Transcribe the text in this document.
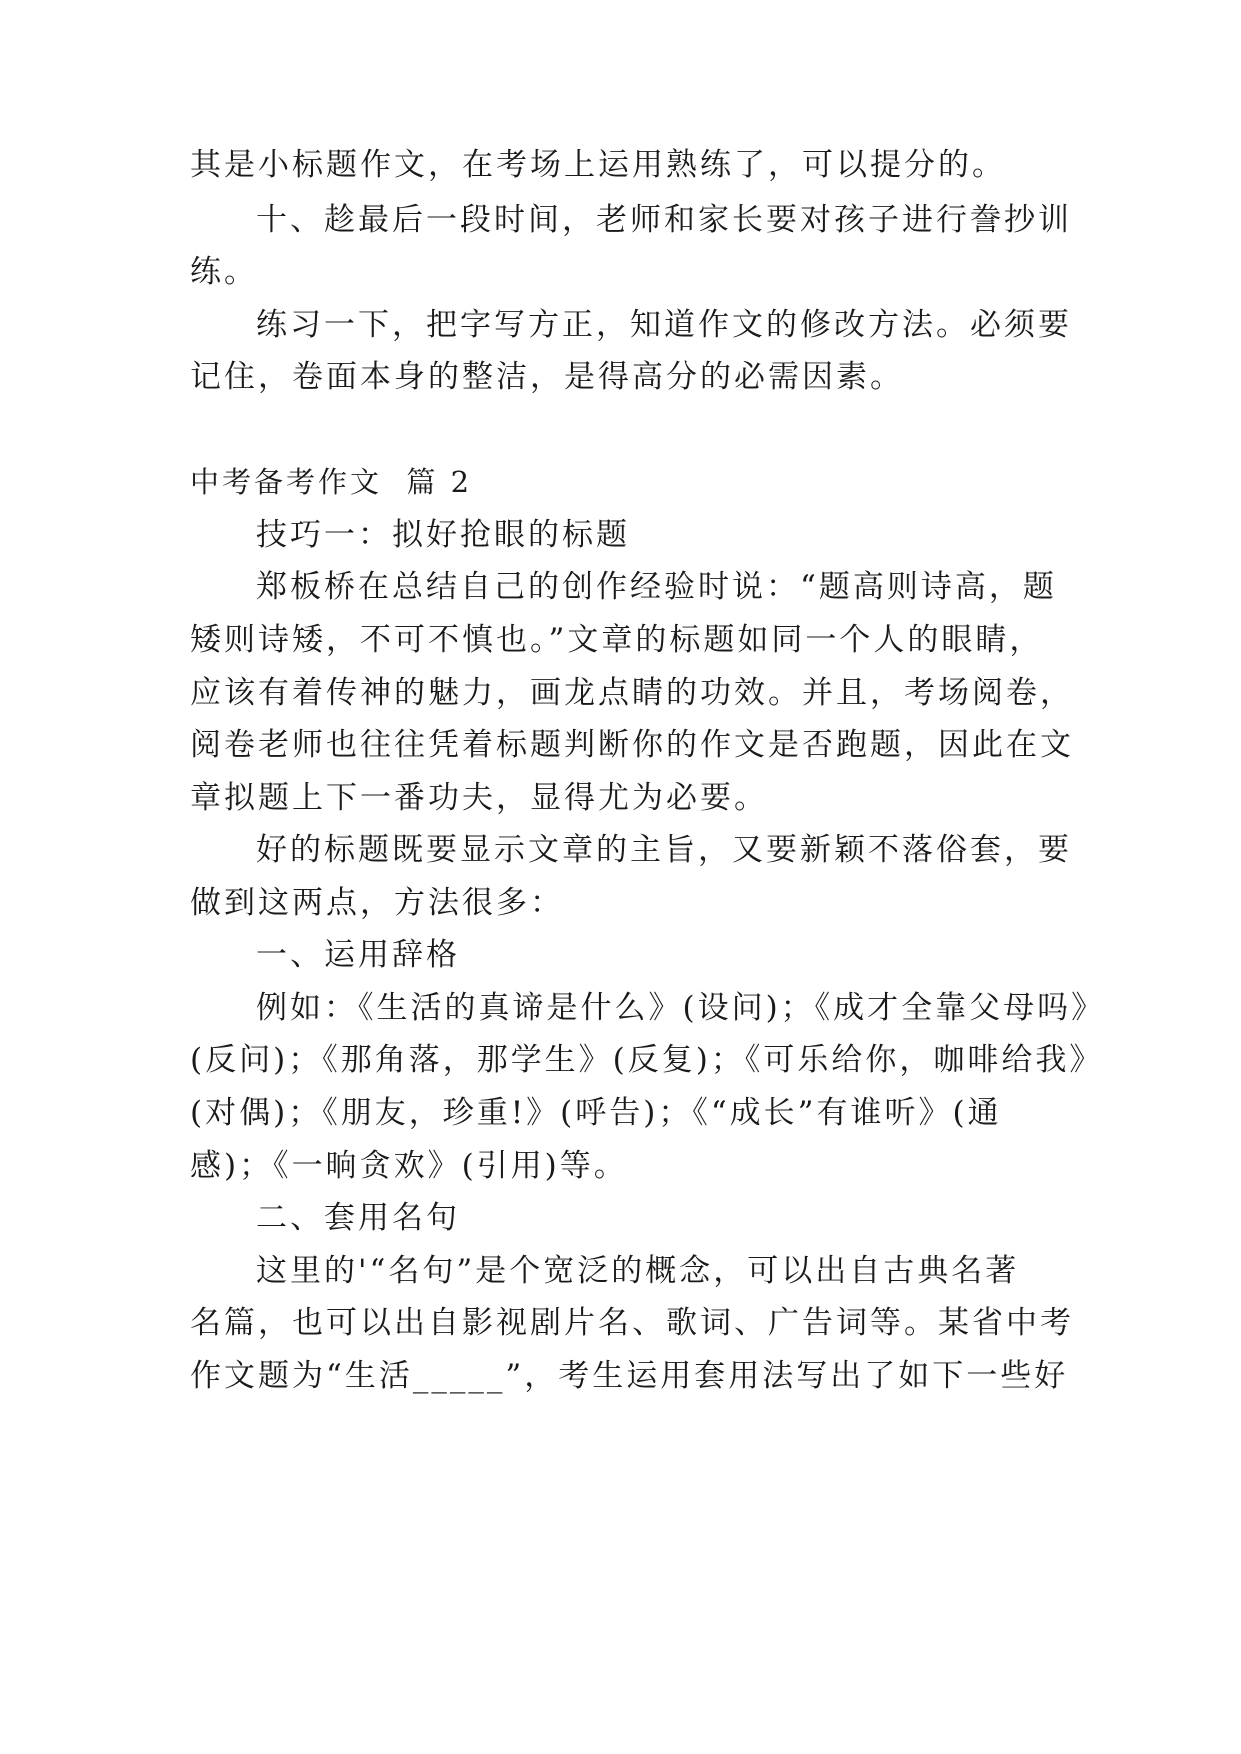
其是小标题作文，在考场上运用熟练了，可以提分的。
十、趁最后一段时间，老师和家长要对孩子进行誊抄训
练。
练习一下，把字写方正，知道作文的修改方法。必须要
记住，卷面本身的整洁，是得高分的必需因素。
中考备考作文  篇 2
技巧一：拟好抢眼的标题
郑板桥在总结自己的创作经验时说：“题高则诗高，题
矮则诗矮，不可不慎也。”文章的标题如同一个人的眼睛，
应该有着传神的魅力，画龙点睛的功效。并且，考场阅卷，
阅卷老师也往往凭着标题判断你的作文是否跑题，因此在文
章拟题上下一番功夫，显得尤为必要。
好的标题既要显示文章的主旨，又要新颖不落俗套，要
做到这两点，方法很多：
一、运用辞格
例如：《生活的真谛是什么》(设问)；《成才全靠父母吗》
(反问)；《那角落，那学生》(反复)；《可乐给你，咖啡给我》
(对偶)；《朋友，珍重!》(呼告)；《“成长”有谁听》(通
感)；《一晌贪欢》(引用)等。
二、套用名句
这里的'“名句”是个宽泛的概念，可以出自古典名著
名篇，也可以出自影视剧片名、歌词、广告词等。某省中考
作文题为“生活_____”，考生运用套用法写出了如下一些好
